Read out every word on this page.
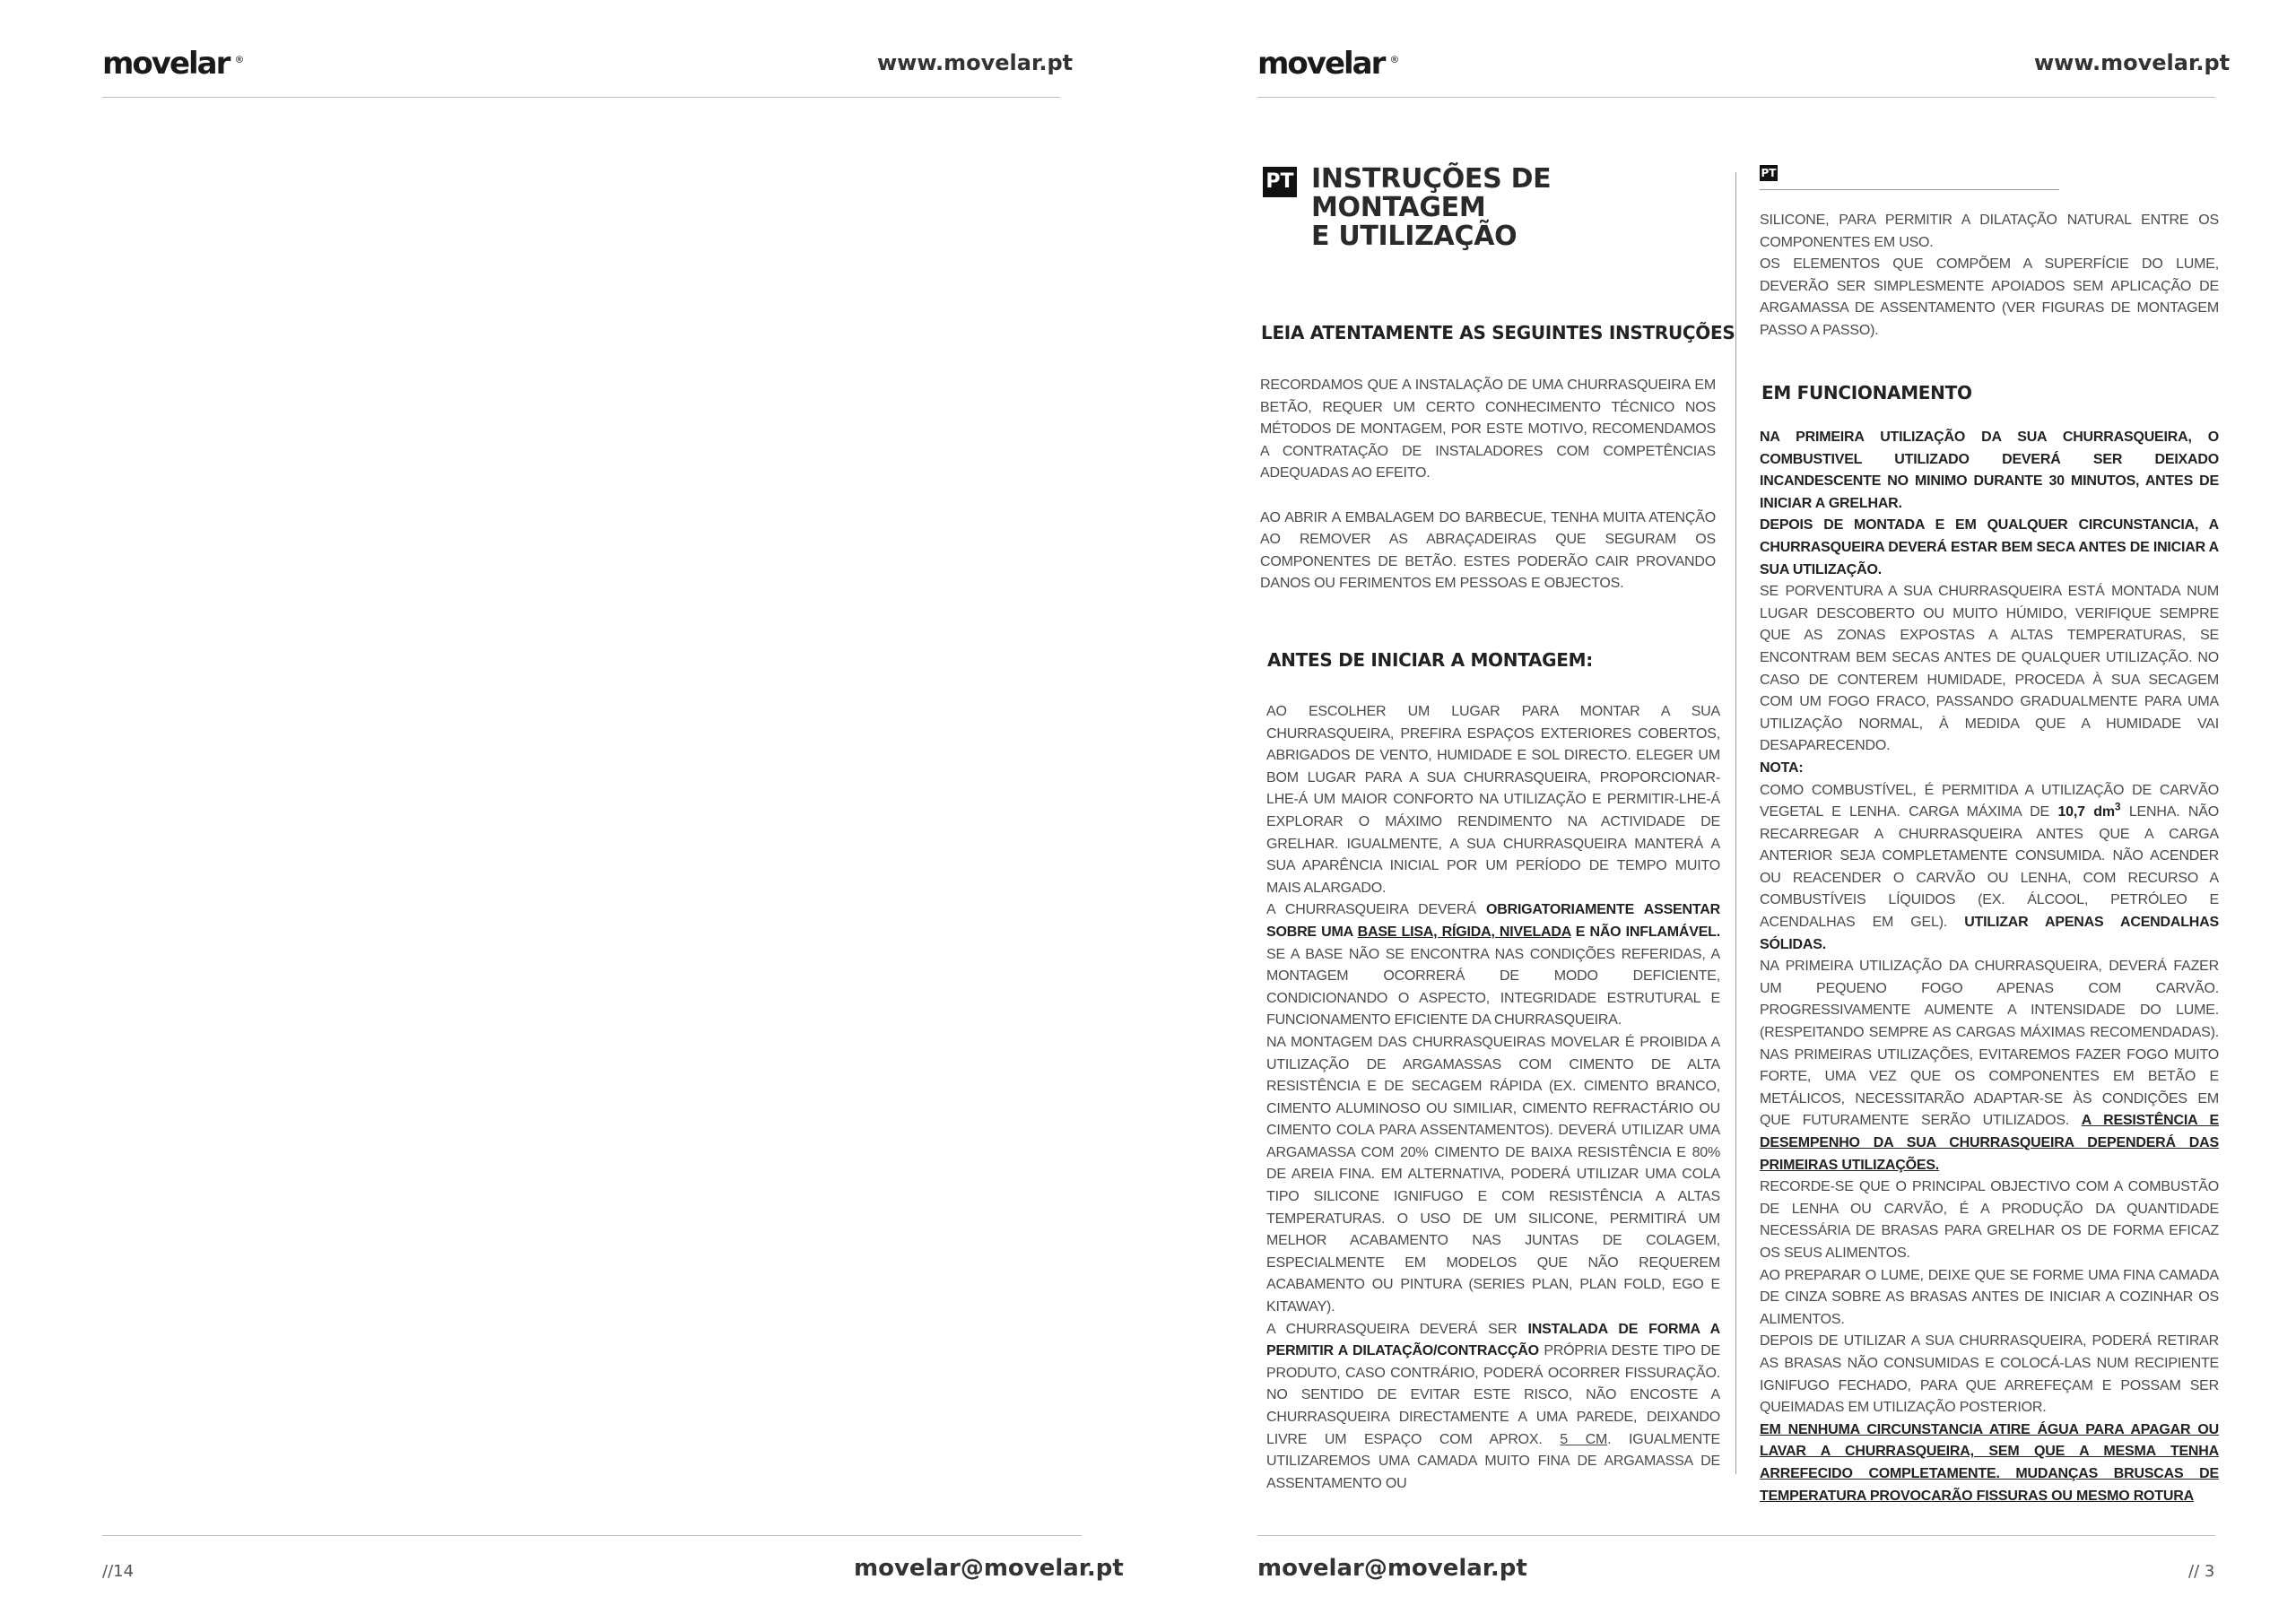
movelar ®	www.movelar.pt
//14	movelar@movelar.pt
movelar ®	www.movelar.pt
PT INSTRUÇÕES DE MONTAGEM
E UTILIZAÇÃO
LEIA ATENTAMENTE AS SEGUINTES INSTRUÇÕES

RECORDAMOS QUE A INSTALAÇÃO DE UMA CHURRASQUEIRA EM BETÃO, REQUER UM CERTO CONHECIMENTO TÉCNICO NOS MÉTODOS DE MONTAGEM, POR ESTE MOTIVO, RECOMENDAMOS A CONTRATAÇÃO DE INSTALADORES COM COMPETÊNCIAS ADEQUADAS AO EFEITO.

AO ABRIR A EMBALAGEM DO BARBECUE, TENHA MUITA ATENÇÃO AO REMOVER AS ABRAÇADEIRAS QUE SEGURAM OS COMPONENTES DE BETÃO. ESTES PODERÃO CAIR PROVANDO DANOS OU FERIMENTOS EM PESSOAS E OBJECTOS.

ANTES DE INICIAR A MONTAGEM:

AO ESCOLHER UM LUGAR PARA MONTAR A SUA CHURRASQUEIRA, PREFIRA ESPAÇOS EXTERIORES COBERTOS, ABRIGADOS DE VENTO, HUMIDADE E SOL DIRECTO. ELEGER UM BOM LUGAR PARA A SUA CHURRASQUEIRA, PROPORCIONAR-LHE-Á UM MAIOR CONFORTO NA UTILIZAÇÃO E PERMITIR-LHE-Á EXPLORAR O MÁXIMO RENDIMENTO NA ACTIVIDADE DE GRELHAR. IGUALMENTE, A SUA CHURRASQUEIRA MANTERÁ A SUA APARÊNCIA INICIAL POR UM PERÍODO DE TEMPO MUITO MAIS ALARGADO.

A CHURRASQUEIRA DEVERÁ OBRIGATORIAMENTE ASSENTAR SOBRE UMA BASE LISA, RÍGIDA, NIVELADA E NÃO INFLAMÁVEL. SE A BASE NÃO SE ENCONTRA NAS CONDIÇÕES REFERIDAS, A MONTAGEM OCORRERÁ DE MODO DEFICIENTE, CONDICIONANDO O ASPECTO, INTEGRIDADE ESTRUTURAL E FUNCIONAMENTO EFICIENTE DA CHURRASQUEIRA.

NA MONTAGEM DAS CHURRASQUEIRAS MOVELAR É PROIBIDA A UTILIZAÇÃO DE ARGAMASSAS COM CIMENTO DE ALTA RESISTÊNCIA E DE SECAGEM RÁPIDA (EX. CIMENTO BRANCO, CIMENTO ALUMINOSO OU SIMILIAR, CIMENTO REFRACTÁRIO OU CIMENTO COLA PARA ASSENTAMENTOS). DEVERÁ UTILIZAR UMA ARGAMASSA COM 20% CIMENTO DE BAIXA RESISTÊNCIA E 80% DE AREIA FINA. EM ALTERNATIVA, PODERÁ UTILIZAR UMA COLA TIPO SILICONE IGNIFUGO E COM RESISTÊNCIA A ALTAS TEMPERATURAS. O USO DE UM SILICONE, PERMITIRÁ UM MELHOR ACABAMENTO NAS JUNTAS DE COLAGEM, ESPECIALMENTE EM MODELOS QUE NÃO REQUEREM ACABAMENTO OU PINTURA (SERIES PLAN, PLAN FOLD, EGO E KITAWAY).

A CHURRASQUEIRA DEVERÁ SER INSTALADA DE FORMA A PERMITIR A DILATAÇÃO/CONTRACÇÃO PRÓPRIA DESTE TIPO DE PRODUTO, CASO CONTRÁRIO, PODERÁ OCORRER FISSURAÇÃO. NO SENTIDO DE EVITAR ESTE RISCO, NÃO ENCOSTE A CHURRASQUEIRA DIRECTAMENTE A UMA PAREDE, DEIXANDO LIVRE UM ESPAÇO COM APROX. 5 CM. IGUALMENTE UTILIZAREMOS UMA CAMADA MUITO FINA DE ARGAMASSA DE ASSENTAMENTO OU

PT

SILICONE, PARA PERMITIR A DILATAÇÃO NATURAL ENTRE OS COMPONENTES EM USO.

OS ELEMENTOS QUE COMPÕEM A SUPERFÍCIE DO LUME, DEVERÃO SER SIMPLESMENTE APOIADOS SEM APLICAÇÃO DE ARGAMASSA DE ASSENTAMENTO (VER FIGURAS DE MONTAGEM PASSO A PASSO).

EM FUNCIONAMENTO

NA PRIMEIRA UTILIZAÇÃO DA SUA CHURRASQUEIRA, O COMBUSTIVEL UTILIZADO DEVERÁ SER DEIXADO INCANDESCENTE NO MINIMO DURANTE 30 MINUTOS, ANTES DE INICIAR A GRELHAR.

DEPOIS DE MONTADA E EM QUALQUER CIRCUNSTANCIA, A CHURRASQUEIRA DEVERÁ ESTAR BEM SECA ANTES DE INICIAR A SUA UTILIZAÇÃO.

SE PORVENTURA A SUA CHURRASQUEIRA ESTÁ MONTADA NUM LUGAR DESCOBERTO OU MUITO HÚMIDO, VERIFIQUE SEMPRE QUE AS ZONAS EXPOSTAS A ALTAS TEMPERATURAS, SE ENCONTRAM BEM SECAS ANTES DE QUALQUER UTILIZAÇÃO. NO CASO DE CONTEREM HUMIDADE, PROCEDA À SUA SECAGEM COM UM FOGO FRACO, PASSANDO GRADUALMENTE PARA UMA UTILIZAÇÃO NORMAL, À MEDIDA QUE A HUMIDADE VAI DESAPARECENDO.

NOTA:

COMO COMBUSTÍVEL, É PERMITIDA A UTILIZAÇÃO DE CARVÃO VEGETAL E LENHA. CARGA MÁXIMA DE 10,7 $dm^3$ LENHA. NÃO RECARREGAR A CHURRASQUEIRA ANTES QUE A CARGA ANTERIOR SEJA COMPLETAMENTE CONSUMIDA. NÃO ACENDER OU REACENDER O CARVÃO OU LENHA, COM RECURSO A COMBUSTÍVEIS LÍQUIDOS (EX. ÁLCOOL, PETRÓLEO E ACENDALHAS EM GEL). UTILIZAR APENAS ACENDALHAS SÓLIDAS.

NA PRIMEIRA UTILIZAÇÃO DA CHURRASQUEIRA, DEVERÁ FAZER UM PEQUENO FOGO APENAS COM CARVÃO. PROGRESSIVAMENTE AUMENTE A INTENSIDADE DO LUME. (RESPEITANDO SEMPRE AS CARGAS MÁXIMAS RECOMENDADAS). NAS PRIMEIRAS UTILIZAÇÕES, EVITAREMOS FAZER FOGO MUITO FORTE, UMA VEZ QUE OS COMPONENTES EM BETÃO E METÁLICOS, NECESSITARÃO ADAPTAR-SE ÀS CONDIÇÕES EM QUE FUTURAMENTE SERÃO UTILIZADOS. A RESISTÊNCIA E DESEMPENHO DA SUA CHURRASQUEIRA DEPENDERÁ DAS PRIMEIRAS UTILIZAÇÕES.

RECORDE-SE QUE O PRINCIPAL OBJECTIVO COM A COMBUSTÃO DE LENHA OU CARVÃO, É A PRODUÇÃO DA QUANTIDADE NECESSÁRIA DE BRASAS PARA GRELHAR OS DE FORMA EFICAZ OS SEUS ALIMENTOS.

AO PREPARAR O LUME, DEIXE QUE SE FORME UMA FINA CAMADA DE CINZA SOBRE AS BRASAS ANTES DE INICIAR A COZINHAR OS ALIMENTOS.

DEPOIS DE UTILIZAR A SUA CHURRASQUEIRA, PODERÁ RETIRAR AS BRASAS NÃO CONSUMIDAS E COLOCÁ-LAS NUM RECIPIENTE IGNIFUGO FECHADO, PARA QUE ARREFEÇAM E POSSAM SER QUEIMADAS EM UTILIZAÇÃO POSTERIOR.

EM NENHUMA CIRCUNSTANCIA ATIRE ÁGUA PARA APAGAR OU LAVAR A CHURRASQUEIRA, SEM QUE A MESMA TENHA ARREFECIDO COMPLETAMENTE. MUDANÇAS BRUSCAS DE TEMPERATURA PROVOCARÃO FISSURAS OU MESMO ROTURA

movelar@movelar.pt	// 3
